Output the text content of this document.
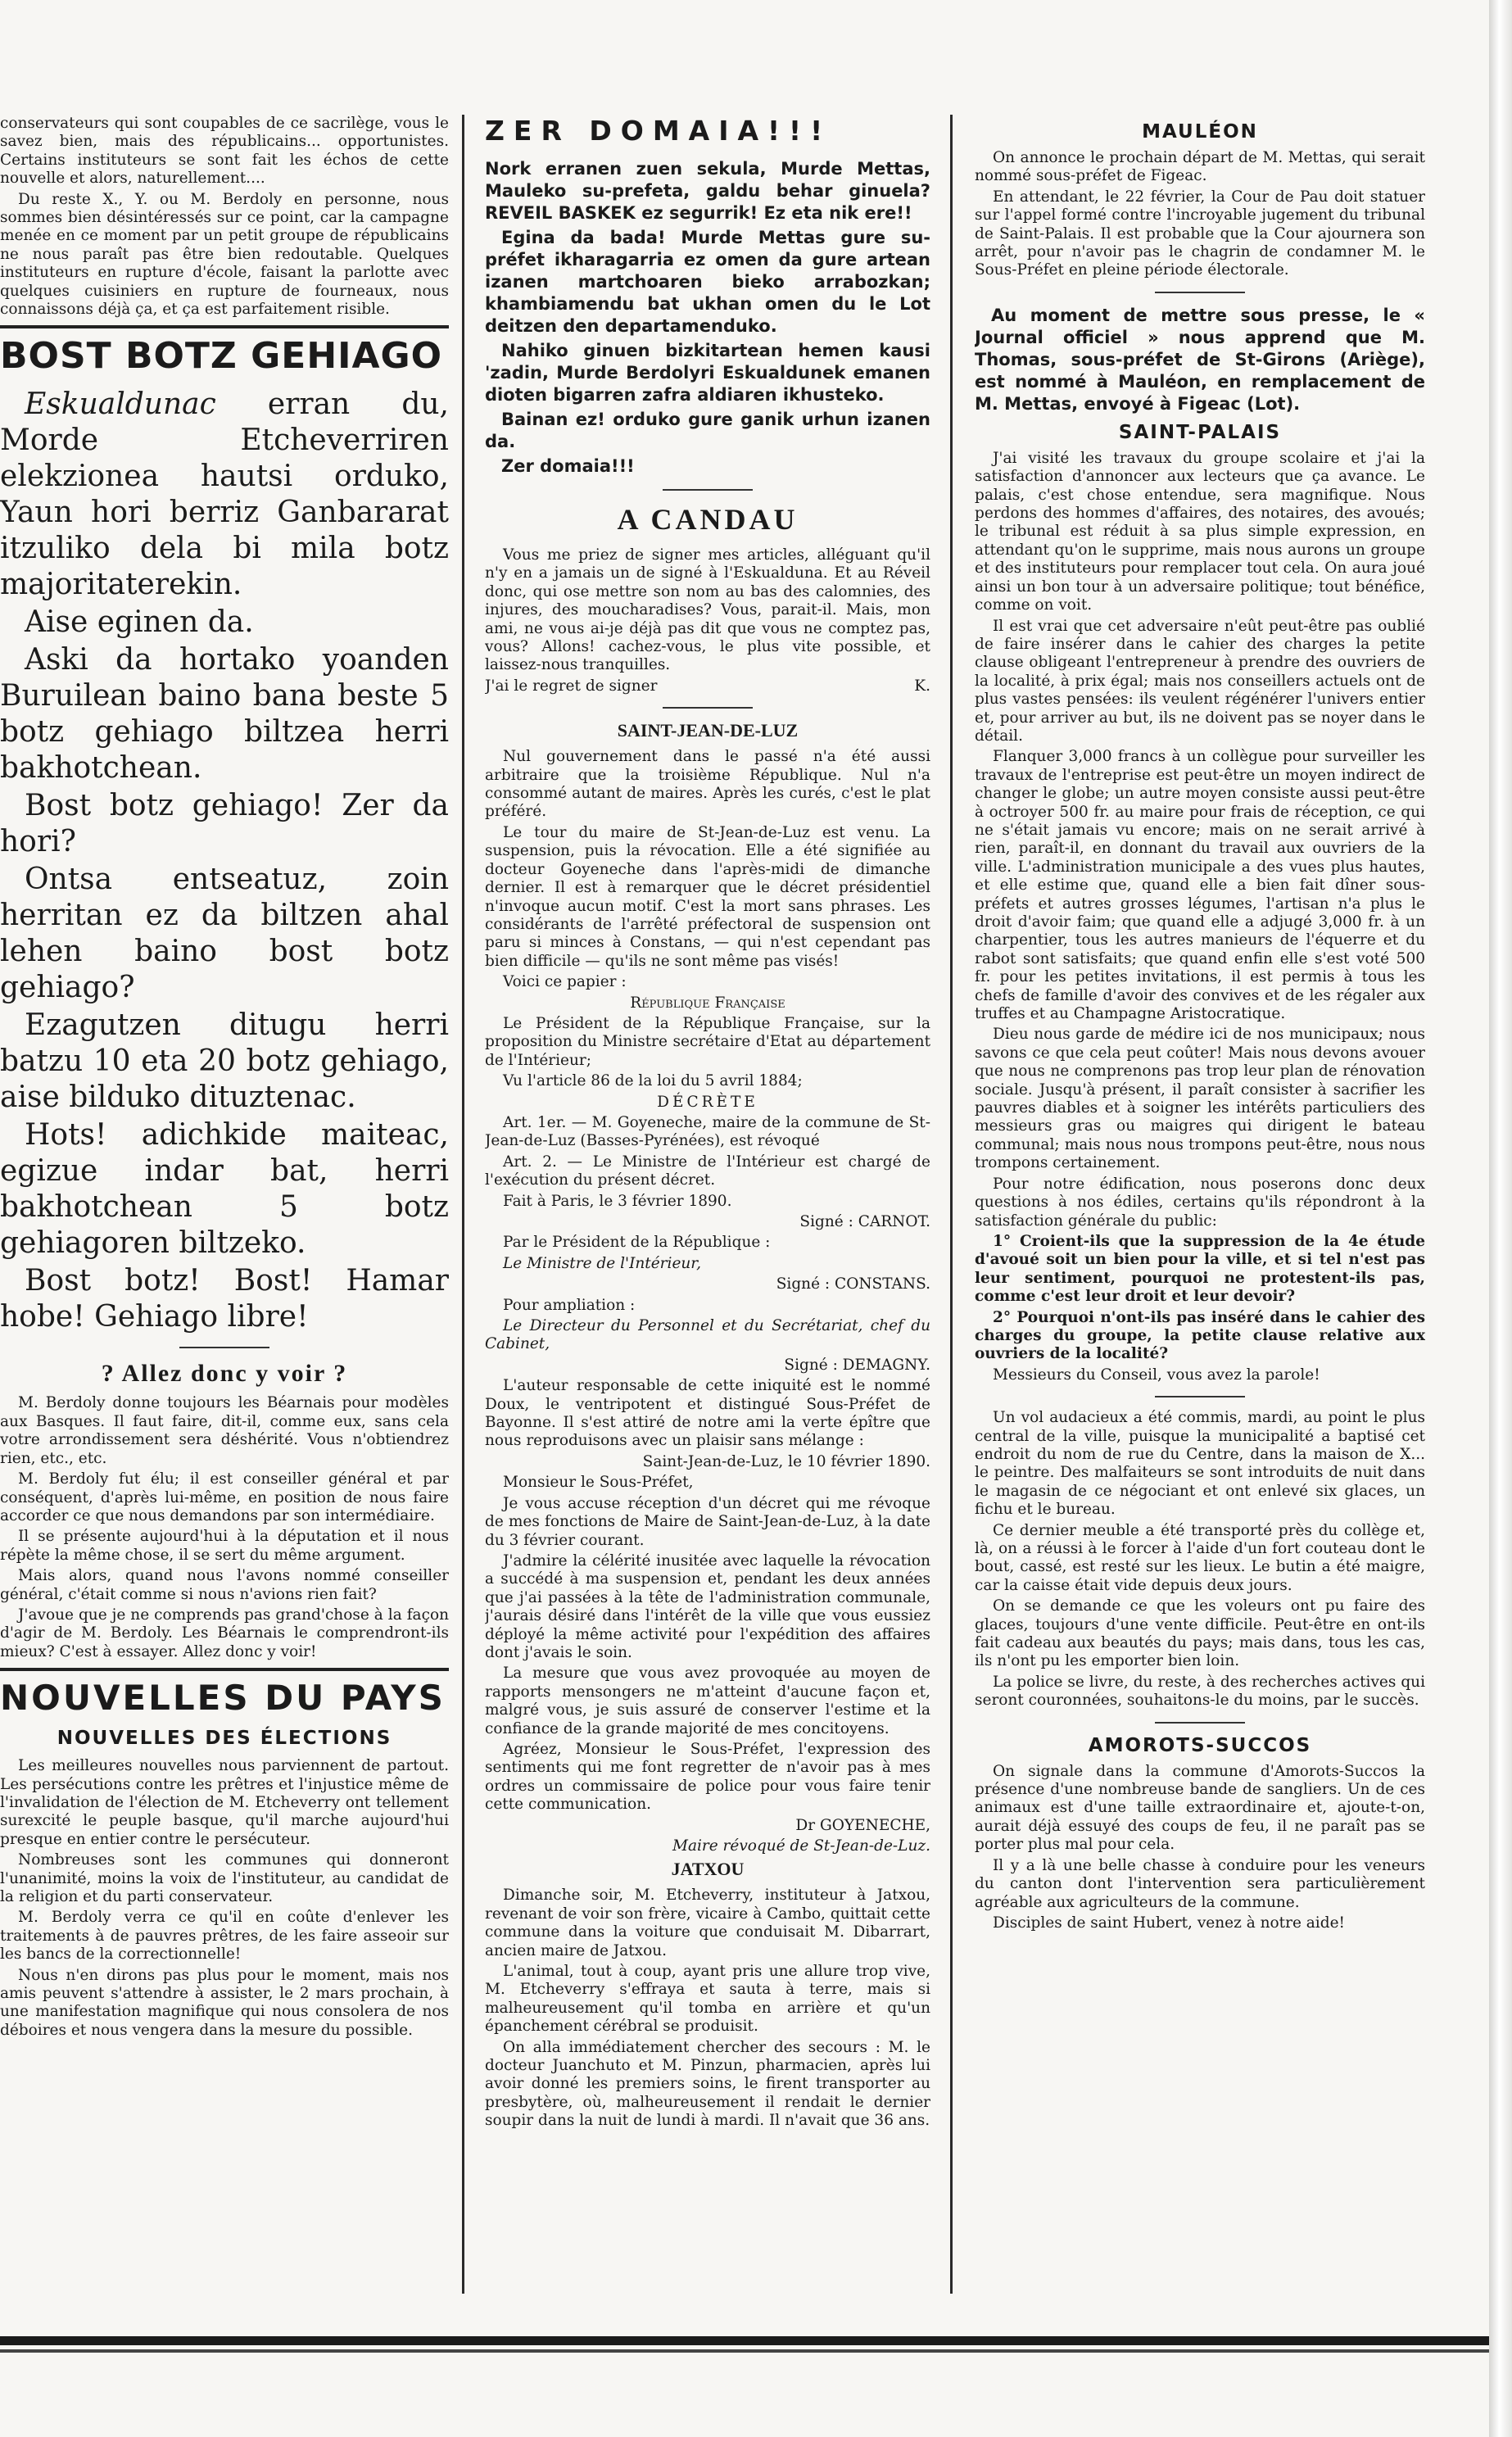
conservateurs qui sont coupables de ce sacrilège, vous le savez bien, mais des républicains... opportunistes. Certains instituteurs se sont fait les échos de cette nouvelle et alors, naturellement....

Du reste X., Y. ou M. Berdoly en personne, nous sommes bien désintéressés sur ce point, car la campagne menée en ce moment par un petit groupe de républicains ne nous paraît pas être bien redoutable. Quelques instituteurs en rupture d'école, faisant la parlotte avec quelques cuisiniers en rupture de fourneaux, nous connaissons déjà ça, et ça est parfaitement risible.

BOST BOTZ GEHIAGO

Eskualdunac erran du, Morde Etcheverriren elekzionea hautsi orduko, Yaun hori berriz Ganbararat itzuliko dela bi mila botz majoritaterekin.

Aise eginen da.

Aski da hortako yoanden Buruilean baino bana beste 5 botz gehiago biltzea herri bakhotchean.

Bost botz gehiago! Zer da hori?

Ontsa entseatuz, zoin herritan ez da biltzen ahal lehen baino bost botz gehiago?

Ezagutzen ditugu herri batzu 10 eta 20 botz gehiago, aise bilduko dituztenac.

Hots! adichkide maiteac, egizue indar bat, herri bakhotchean 5 botz gehiagoren biltzeko.

Bost botz! Bost! Hamar hobe! Gehiago libre!

? Allez donc y voir ?

M. Berdoly donne toujours les Béarnais pour modèles aux Basques. Il faut faire, dit-il, comme eux, sans cela votre arrondissement sera déshérité. Vous n'obtiendrez rien, etc., etc.

M. Berdoly fut élu; il est conseiller général et par conséquent, d'après lui-même, en position de nous faire accorder ce que nous demandons par son intermédiaire.

Il se présente aujourd'hui à la députation et il nous répète la même chose, il se sert du même argument.

Mais alors, quand nous l'avons nommé conseiller général, c'était comme si nous n'avions rien fait?

J'avoue que je ne comprends pas grand'chose à la façon d'agir de M. Berdoly. Les Béarnais le comprendront-ils mieux? C'est à essayer. Allez donc y voir!

NOUVELLES DU PAYS
NOUVELLES DES ÉLECTIONS

Les meilleures nouvelles nous parviennent de partout. Les persécutions contre les prêtres et l'injustice même de l'invalidation de l'élection de M. Etcheverry ont tellement surexcité le peuple basque, qu'il marche aujourd'hui presque en entier contre le persécuteur.

Nombreuses sont les communes qui donneront l'unanimité, moins la voix de l'instituteur, au candidat de la religion et du parti conservateur.

M. Berdoly verra ce qu'il en coûte d'enlever les traitements à de pauvres prêtres, de les faire asseoir sur les bancs de la correctionnelle!

Nous n'en dirons pas plus pour le moment, mais nos amis peuvent s'attendre à assister, le 2 mars prochain, à une manifestation magnifique qui nous consolera de nos déboires et nous vengera dans la mesure du possible.

ZER DOMAIA!!!

Nork erranen zuen sekula, Murde Mettas, Mauleko su-prefeta, galdu behar ginuela? REVEIL BASKEK ez segurrik! Ez eta nik ere!!

Egina da bada! Murde Mettas gure su-préfet ikharagarria ez omen da gure artean izanen martchoaren bieko arrabozkan; khambiamendu bat ukhan omen du le Lot deitzen den departamenduko.

Nahiko ginuen bizkitartean hemen kausi 'zadin, Murde Berdolyri Eskualdunek emanen dioten bigarren zafra aldiaren ikhusteko.

Bainan ez! orduko gure ganik urhun izanen da.

Zer domaia!!!

A CANDAU

Vous me priez de signer mes articles, alléguant qu'il n'y en a jamais un de signé à l'Eskualduna. Et au Réveil donc, qui ose mettre son nom au bas des calomnies, des injures, des moucharadises? Vous, parait-il. Mais, mon ami, ne vous ai-je déjà pas dit que vous ne comptez pas, vous? Allons! cachez-vous, le plus vite possible, et laissez-nous tranquilles.

J'ai le regret de signer	K.

SAINT-JEAN-DE-LUZ

Nul gouvernement dans le passé n'a été aussi arbitraire que la troisième République. Nul n'a consommé autant de maires. Après les curés, c'est le plat préféré.

Le tour du maire de St-Jean-de-Luz est venu. La suspension, puis la révocation. Elle a été signifiée au docteur Goyeneche dans l'après-midi de dimanche dernier. Il est à remarquer que le décret présidentiel n'invoque aucun motif. C'est la mort sans phrases. Les considérants de l'arrêté préfectoral de suspension ont paru si minces à Constans, — qui n'est cependant pas bien difficile — qu'ils ne sont même pas visés!

Voici ce papier :

République Française

Le Président de la République Française, sur la proposition du Ministre secrétaire d'Etat au département de l'Intérieur;

Vu l'article 86 de la loi du 5 avril 1884;

DÉCRÈTE

Art. 1er. — M. Goyeneche, maire de la commune de St-Jean-de-Luz (Basses-Pyrénées), est révoqué

Art. 2. — Le Ministre de l'Intérieur est chargé de l'exécution du présent décret.

Fait à Paris, le 3 février 1890.

Signé : CARNOT.

Par le Président de la République :

Le Ministre de l'Intérieur,

Signé : CONSTANS.

Pour ampliation :

Le Directeur du Personnel et du Secrétariat, chef du Cabinet,

Signé : DEMAGNY.

L'auteur responsable de cette iniquité est le nommé Doux, le ventripotent et distingué Sous-Préfet de Bayonne. Il s'est attiré de notre ami la verte épître que nous reproduisons avec un plaisir sans mélange :

Saint-Jean-de-Luz, le 10 février 1890.

Monsieur le Sous-Préfet,

Je vous accuse réception d'un décret qui me révoque de mes fonctions de Maire de Saint-Jean-de-Luz, à la date du 3 février courant.

J'admire la célérité inusitée avec laquelle la révocation a succédé à ma suspension et, pendant les deux années que j'ai passées à la tête de l'administration communale, j'aurais désiré dans l'intérêt de la ville que vous eussiez déployé la même activité pour l'expédition des affaires dont j'avais le soin.

La mesure que vous avez provoquée au moyen de rapports mensongers ne m'atteint d'aucune façon et, malgré vous, je suis assuré de conserver l'estime et la confiance de la grande majorité de mes concitoyens.

Agréez, Monsieur le Sous-Préfet, l'expression des sentiments qui me font regretter de n'avoir pas à mes ordres un commissaire de police pour vous faire tenir cette communication.

Dr GOYENECHE,

Maire révoqué de St-Jean-de-Luz.

JATXOU

Dimanche soir, M. Etcheverry, instituteur à Jatxou, revenant de voir son frère, vicaire à Cambo, quittait cette commune dans la voiture que conduisait M. Dibarrart, ancien maire de Jatxou.

L'animal, tout à coup, ayant pris une allure trop vive, M. Etcheverry s'effraya et sauta à terre, mais si malheureusement qu'il tomba en arrière et qu'un épanchement cérébral se produisit.

On alla immédiatement chercher des secours : M. le docteur Juanchuto et M. Pinzun, pharmacien, après lui avoir donné les premiers soins, le firent transporter au presbytère, où, malheureusement il rendait le dernier soupir dans la nuit de lundi à mardi. Il n'avait que 36 ans.

MAULÉON

On annonce le prochain départ de M. Mettas, qui serait nommé sous-préfet de Figeac.

En attendant, le 22 février, la Cour de Pau doit statuer sur l'appel formé contre l'incroyable jugement du tribunal de Saint-Palais. Il est probable que la Cour ajournera son arrêt, pour n'avoir pas le chagrin de condamner M. le Sous-Préfet en pleine période électorale.

Au moment de mettre sous presse, le « Journal officiel » nous apprend que M. Thomas, sous-préfet de St-Girons (Ariège), est nommé à Mauléon, en remplacement de M. Mettas, envoyé à Figeac (Lot).

SAINT-PALAIS

J'ai visité les travaux du groupe scolaire et j'ai la satisfaction d'annoncer aux lecteurs que ça avance. Le palais, c'est chose entendue, sera magnifique. Nous perdons des hommes d'affaires, des notaires, des avoués; le tribunal est réduit à sa plus simple expression, en attendant qu'on le supprime, mais nous aurons un groupe et des instituteurs pour remplacer tout cela. On aura joué ainsi un bon tour à un adversaire politique; tout bénéfice, comme on voit.

Il est vrai que cet adversaire n'eût peut-être pas oublié de faire insérer dans le cahier des charges la petite clause obligeant l'entrepreneur à prendre des ouvriers de la localité, à prix égal; mais nos conseillers actuels ont de plus vastes pensées: ils veulent régénérer l'univers entier et, pour arriver au but, ils ne doivent pas se noyer dans le détail.

Flanquer 3,000 francs à un collègue pour surveiller les travaux de l'entreprise est peut-être un moyen indirect de changer le globe; un autre moyen consiste aussi peut-être à octroyer 500 fr. au maire pour frais de réception, ce qui ne s'était jamais vu encore; mais on ne serait arrivé à rien, paraît-il, en donnant du travail aux ouvriers de la ville. L'administration municipale a des vues plus hautes, et elle estime que, quand elle a bien fait dîner sous-préfets et autres grosses légumes, l'artisan n'a plus le droit d'avoir faim; que quand elle a adjugé 3,000 fr. à un charpentier, tous les autres manieurs de l'équerre et du rabot sont satisfaits; que quand enfin elle s'est voté 500 fr. pour les petites invitations, il est permis à tous les chefs de famille d'avoir des convives et de les régaler aux truffes et au Champagne Aristocratique.

Dieu nous garde de médire ici de nos municipaux; nous savons ce que cela peut coûter! Mais nous devons avouer que nous ne comprenons pas trop leur plan de rénovation sociale. Jusqu'à présent, il paraît consister à sacrifier les pauvres diables et à soigner les intérêts particuliers des messieurs gras ou maigres qui dirigent le bateau communal; mais nous nous trompons peut-être, nous nous trompons certainement.

Pour notre édification, nous poserons donc deux questions à nos édiles, certains qu'ils répondront à la satisfaction générale du public:

1° Croient-ils que la suppression de la 4e étude d'avoué soit un bien pour la ville, et si tel n'est pas leur sentiment, pourquoi ne protestent-ils pas, comme c'est leur droit et leur devoir?

2° Pourquoi n'ont-ils pas inséré dans le cahier des charges du groupe, la petite clause relative aux ouvriers de la localité?

Messieurs du Conseil, vous avez la parole!

Un vol audacieux a été commis, mardi, au point le plus central de la ville, puisque la municipalité a baptisé cet endroit du nom de rue du Centre, dans la maison de X... le peintre. Des malfaiteurs se sont introduits de nuit dans le magasin de ce négociant et ont enlevé six glaces, un fichu et le bureau.

Ce dernier meuble a été transporté près du collège et, là, on a réussi à le forcer à l'aide d'un fort couteau dont le bout, cassé, est resté sur les lieux. Le butin a été maigre, car la caisse était vide depuis deux jours.

On se demande ce que les voleurs ont pu faire des glaces, toujours d'une vente difficile. Peut-être en ont-ils fait cadeau aux beautés du pays; mais dans, tous les cas, ils n'ont pu les emporter bien loin.

La police se livre, du reste, à des recherches actives qui seront couronnées, souhaitons-le du moins, par le succès.

AMOROTS-SUCCOS

On signale dans la commune d'Amorots-Succos la présence d'une nombreuse bande de sangliers. Un de ces animaux est d'une taille extraordinaire et, ajoute-t-on, aurait déjà essuyé des coups de feu, il ne paraît pas se porter plus mal pour cela.

Il y a là une belle chasse à conduire pour les veneurs du canton dont l'intervention sera particulièrement agréable aux agriculteurs de la commune.

Disciples de saint Hubert, venez à notre aide!
